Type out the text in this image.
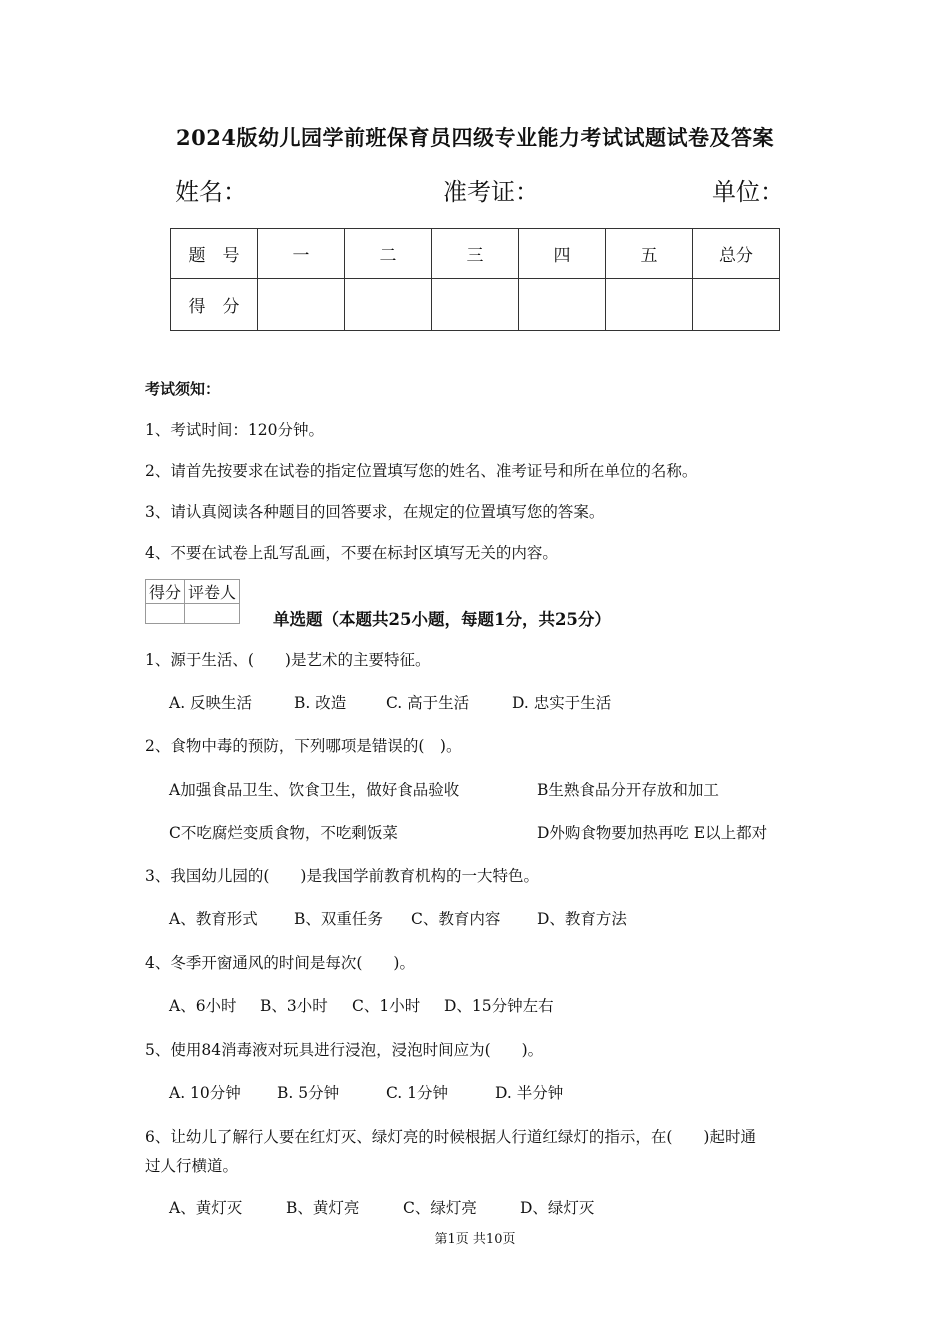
2024版幼儿园学前班保育员四级专业能力考试试题试卷及答案
姓名：	准考证：	单位：
题　号	一	二	三	四	五	总分
得　分						
考试须知：
1、考试时间：120分钟。
2、请首先按要求在试卷的指定位置填写您的姓名、准考证号和所在单位的名称。
3、请认真阅读各种题目的回答要求，在规定的位置填写您的答案。
4、不要在试卷上乱写乱画，不要在标封区填写无关的内容。
得分	评卷人

单选题（本题共25小题，每题1分，共25分）
1、源于生活、(　　)是艺术的主要特征。
A. 反映生活	B. 改造	C. 高于生活	D. 忠实于生活
2、食物中毒的预防，下列哪项是错误的(　)。
A加强食品卫生、饮食卫生，做好食品验收	B生熟食品分开存放和加工
C不吃腐烂变质食物，不吃剩饭菜	D外购食物要加热再吃 E以上都对
3、我国幼儿园的(　　)是我国学前教育机构的一大特色。
A、教育形式 B、双重任务 C、教育内容 D、教育方法
4、冬季开窗通风的时间是每次(　　)。
A、6小时 B、3小时 C、1小时 D、15分钟左右
5、使用84消毒液对玩具进行浸泡，浸泡时间应为(　　)。
A. 10分钟 B. 5分钟	C. 1分钟	D. 半分钟
6、让幼儿了解行人要在红灯灭、绿灯亮的时候根据人行道红绿灯的指示，在(　　)起时通
过人行横道。
A、黄灯灭	B、黄灯亮	C、绿灯亮	D、绿灯灭
第1页 共10页
